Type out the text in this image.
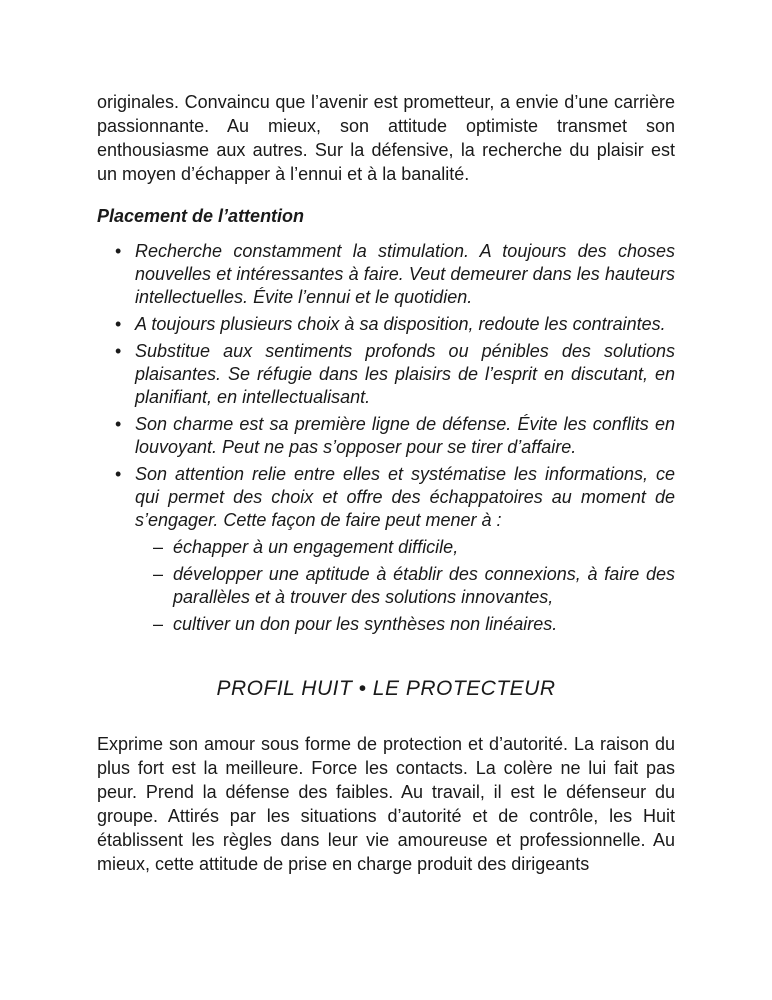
originales. Convaincu que l’avenir est prometteur, a envie d’une carrière passionnante. Au mieux, son attitude optimiste transmet son enthousiasme aux autres. Sur la défensive, la recherche du plaisir est un moyen d’échapper à l’ennui et à la banalité.

Placement de l’attention
• Recherche constamment la stimulation. A toujours des choses nouvelles et intéressantes à faire. Veut demeurer dans les hauteurs intellectuelles. Évite l’ennui et le quotidien.
• A toujours plusieurs choix à sa disposition, redoute les contraintes.
• Substitue aux sentiments profonds ou pénibles des solutions plaisantes. Se réfugie dans les plaisirs de l’esprit en discutant, en planifiant, en intellectualisant.
• Son charme est sa première ligne de défense. Évite les conflits en louvoyant. Peut ne pas s’opposer pour se tirer d’affaire.
• Son attention relie entre elles et systématise les informations, ce qui permet des choix et offre des échappatoires au moment de s’engager. Cette façon de faire peut mener à :
– échapper à un engagement difficile,
– développer une aptitude à établir des connexions, à faire des parallèles et à trouver des solutions innovantes,
– cultiver un don pour les synthèses non linéaires.
PROFIL HUIT • LE PROTECTEUR

Exprime son amour sous forme de protection et d’autorité. La raison du plus fort est la meilleure. Force les contacts. La colère ne lui fait pas peur. Prend la défense des faibles. Au travail, il est le défenseur du groupe. Attirés par les situations d’autorité et de contrôle, les Huit établissent les règles dans leur vie amoureuse et professionnelle. Au mieux, cette attitude de prise en charge produit des dirigeants
